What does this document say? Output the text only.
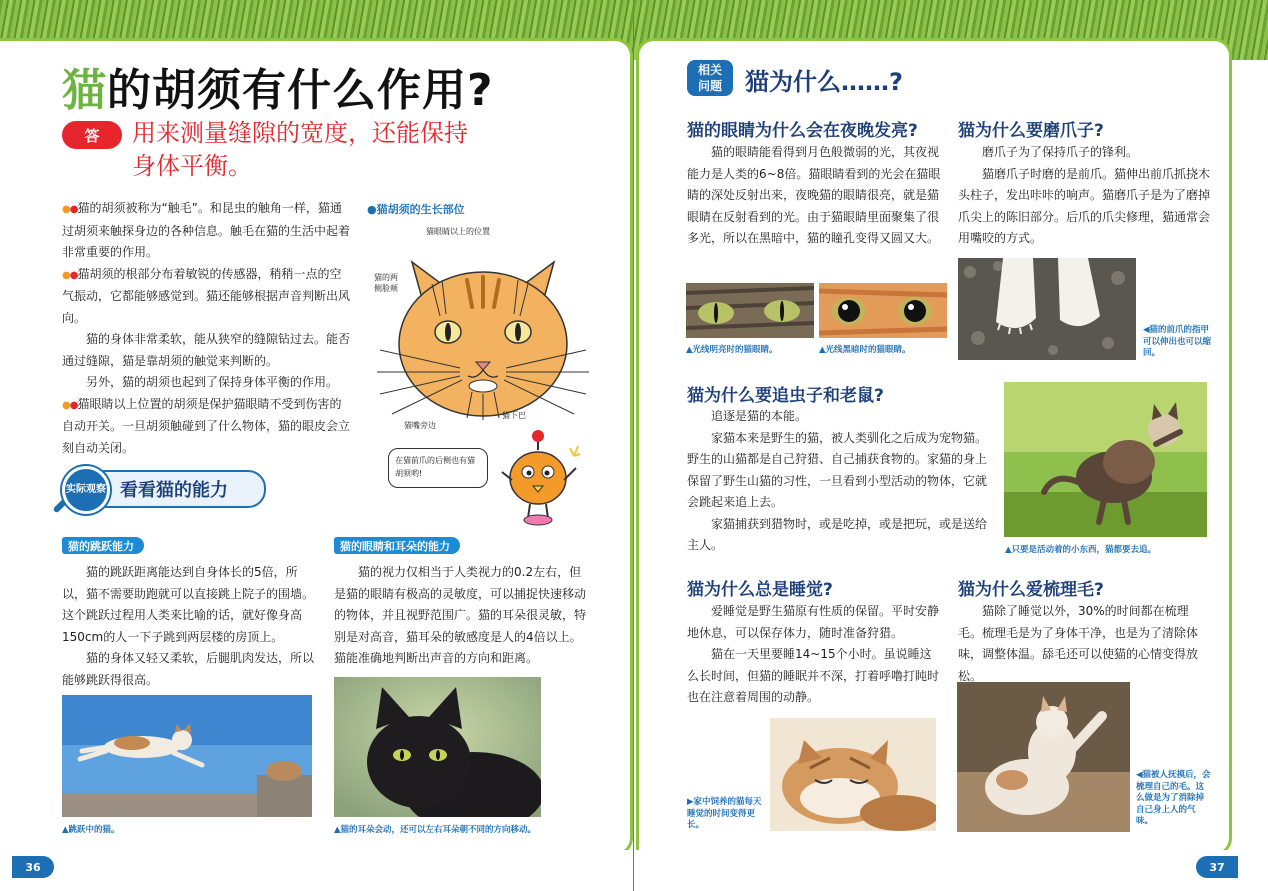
猫的胡须有什么作用?
答	用来测量缝隙的宽度，还能保持
身体平衡。

●●猫的胡须被称为“触毛”。和昆虫的触角一样，猫通过胡须来触探身边的各种信息。触毛在猫的生活中起着非常重要的作用。

●●猫胡须的根部分布着敏锐的传感器，稍稍一点的空气振动，它都能够感觉到。猫还能够根据声音判断出风向。

猫的身体非常柔软，能从狭窄的缝隙钻过去。能否通过缝隙，猫是靠胡须的触觉来判断的。

另外，猫的胡须也起到了保持身体平衡的作用。

●●猫眼睛以上位置的胡须是保护猫眼睛不受到伤害的自动开关。一旦胡须触碰到了什么物体，猫的眼皮会立刻自动关闭。

●猫胡须的生长部位
猫眼睛以上的位置
猫的两侧脸颊
猫下巴
猫嘴旁边
在猫前爪的后侧也有猫胡须哟!
实际观察 看看猫的能力
猫的跳跃能力

猫的跳跃距离能达到自身体长的5倍，所以，猫不需要助跑就可以直接跳上院子的围墙。这个跳跃过程用人类来比喻的话，就好像身高150cm的人一下子跳到两层楼的房顶上。

猫的身体又轻又柔软，后腿肌肉发达，所以能够跳跃得很高。

▲跳跃中的猫。
猫的眼睛和耳朵的能力

猫的视力仅相当于人类视力的0.2左右，但是猫的眼睛有极高的灵敏度，可以捕捉快速移动的物体，并且视野范围广。猫的耳朵很灵敏，特别是对高音，猫耳朵的敏感度是人的4倍以上。猫能准确地判断出声音的方向和距离。

▲猫的耳朵会动，还可以左右耳朵朝不同的方向移动。
36
相关
问题 猫为什么……?
猫的眼睛为什么会在夜晚发亮?

猫的眼睛能看得到月色般微弱的光，其夜视能力是人类的6~8倍。猫眼睛看到的光会在猫眼睛的深处反射出来，夜晚猫的眼睛很亮，就是猫眼睛在反射看到的光。由于猫眼睛里面聚集了很多光，所以在黑暗中，猫的瞳孔变得又圆又大。

▲光线明亮时的猫眼睛。	▲光线黑暗时的猫眼睛。
猫为什么要磨爪子?

磨爪子为了保持爪子的锋利。

猫磨爪子时磨的是前爪。猫伸出前爪抓挠木头柱子，发出咔咔的响声。猫磨爪子是为了磨掉爪尖上的陈旧部分。后爪的爪尖修理，猫通常会用嘴咬的方式。

◀猫的前爪的指甲可以伸出也可以缩回。
猫为什么要追虫子和老鼠?

追逐是猫的本能。

家猫本来是野生的猫，被人类驯化之后成为宠物猫。野生的山猫都是自己狩猎、自己捕获食物的。家猫的身上保留了野生山猫的习性，一旦看到小型活动的物体，它就会跳起来追上去。

家猫捕获到猎物时，或是吃掉，或是把玩，或是送给主人。	▲只要是活动着的小东西，猫都要去追。
猫为什么总是睡觉?

爱睡觉是野生猫原有性质的保留。平时安静地休息，可以保存体力，随时准备狩猎。

猫在一天里要睡14~15个小时。虽说睡这么长时间，但猫的睡眠并不深，打着呼噜打盹时也在注意着周围的动静。

▶家中饲养的猫每天睡觉的时间变得更长。
猫为什么爱梳理毛?

猫除了睡觉以外，30%的时间都在梳理毛。梳理毛是为了身体干净，也是为了清除体味，调整体温。舔毛还可以使猫的心情变得放松。

◀猫被人抚摸后，会梳理自己的毛。这么做是为了消除掉自己身上人的气味。
37
